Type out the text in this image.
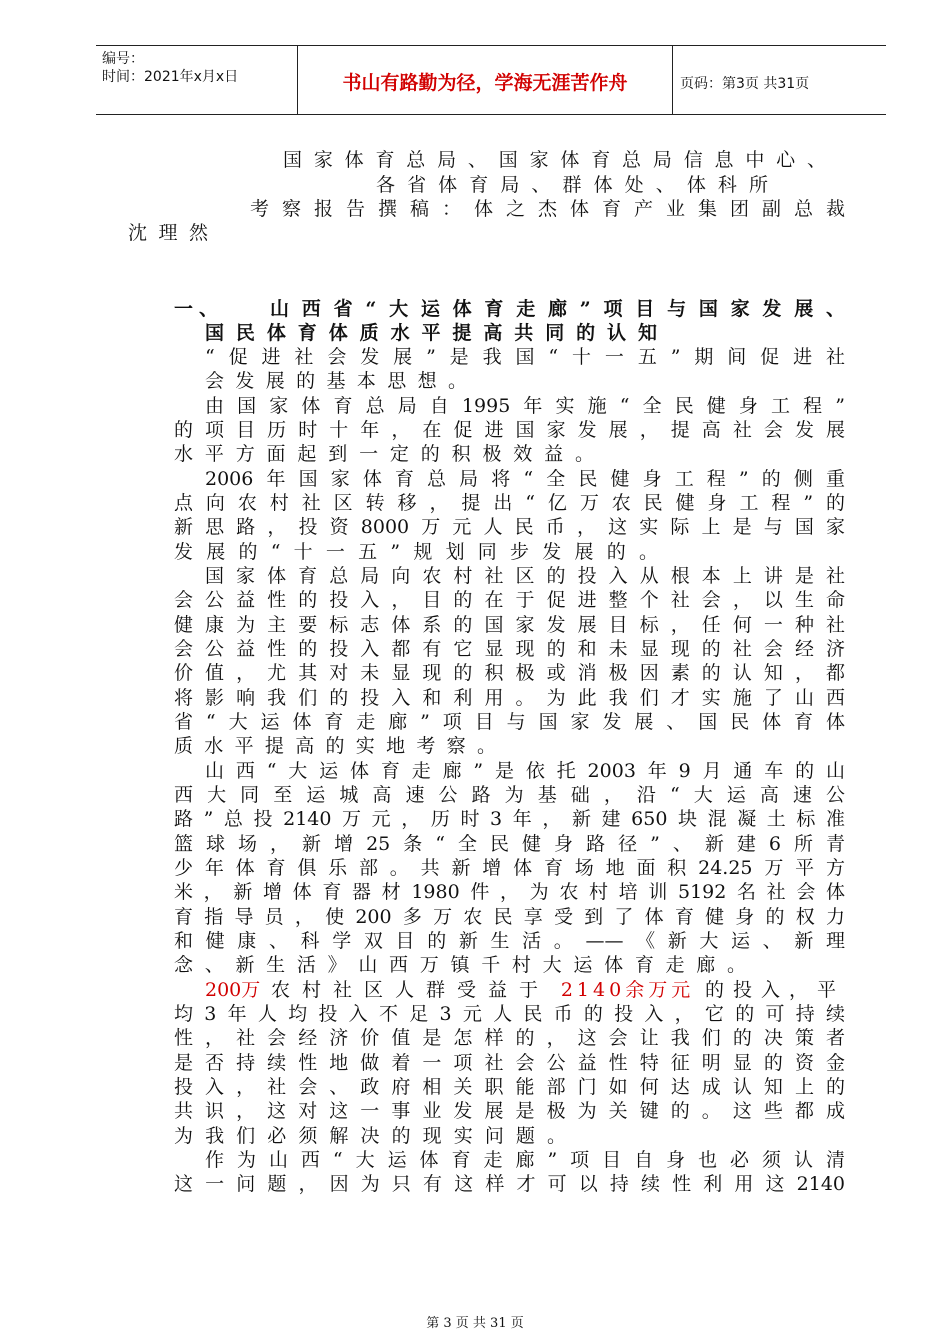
编号：
时间：2021年x月x日	书山有路勤为径，学海无涯苦作舟	页码：第3页 共31页
国家体育总局、国家体育总局信息中心、
各省体育局、群体处、体科所
考察报告撰稿：体之杰体育产业集团副总裁
沈理然
一、 山西省“大运体育走廊”项目与国家发展、
国民体育体质水平提高共同的认知
“促进社会发展”是我国“十一五”期间促进社
会发展的基本思想。
由国家体育总局自1995年实施“全民健身工程”
的项目历时十年，在促进国家发展，提高社会发展
水平方面起到一定的积极效益。
2006年国家体育总局将“全民健身工程”的侧重
点向农村社区转移，提出“亿万农民健身工程”的
新思路，投资8000万元人民币，这实际上是与国家
发展的“十一五”规划同步发展的。
国家体育总局向农村社区的投入从根本上讲是社
会公益性的投入，目的在于促进整个社会，以生命
健康为主要标志体系的国家发展目标，任何一种社
会公益性的投入都有它显现的和未显现的社会经济
价值，尤其对未显现的积极或消极因素的认知，都
将影响我们的投入和利用。为此我们才实施了山西
省“大运体育走廊”项目与国家发展、国民体育体
质水平提高的实地考察。
山西“大运体育走廊”是依托2003年9月通车的山
西大同至运城高速公路为基础，沿“大运高速公
路”总投2140万元，历时3年，新建650块混凝土标准
篮球场，新增25条“全民健身路径”、新建6所青
少年体育俱乐部。共新增体育场地面积24.25万平方
米，新增体育器材1980件，为农村培训5192名社会体
育指导员，使200多万农民享受到了体育健身的权力
和健康、科学双目的新生活。——《新大运、新理
念、新生活》山西万镇千村大运体育走廊。
200万 农村社区人群受益于 2140余万元 的投入，平
均3年人均投入不足3元人民币的投入，它的可持续
性，社会经济价值是怎样的，这会让我们的决策者
是否持续性地做着一项社会公益性特征明显的资金
投入，社会、政府相关职能部门如何达成认知上的
共识，这对这一事业发展是极为关键的。这些都成
为我们必须解决的现实问题。
作为山西“大运体育走廊”项目自身也必须认清
这一问题，因为只有这样才可以持续性利用这2140
第 3 页 共 31 页
